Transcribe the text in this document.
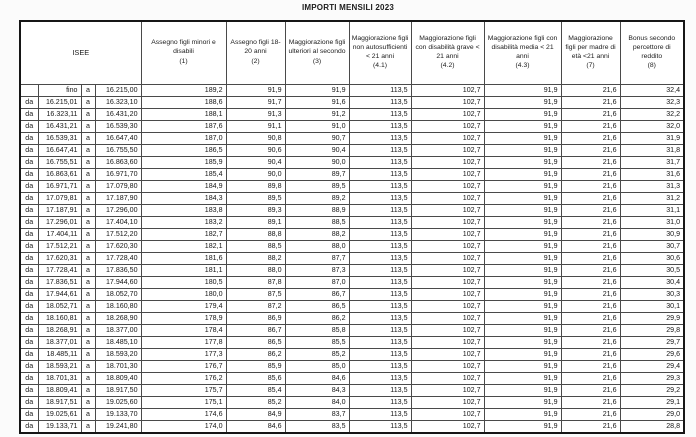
IMPORTI MENSILI 2023
ISEE

Assegno figli minori e disabili
(1)

Assegno figli 18-20 anni
(2)

Maggiorazione figli ulteriori al secondo
(3)

Maggiorazione figli non autosufficienti < 21 anni
(4.1)

Maggiorazione figli con disabilità grave < 21 anni
(4.2)

Maggiorazione figli con disabilità media < 21 anni
(4.3)

Maggiorazione figli per madre di età <21 anni
(7)

Bonus secondo percettore di reddito
(8)

	fino	a	16.215,00	189,2	91,9	91,9	113,5	102,7	91,9	21,6	32,4
da	16.215,01	a	16.323,10	188,6	91,7	91,6	113,5	102,7	91,9	21,6	32,3
da	16.323,11	a	16.431,20	188,1	91,3	91,2	113,5	102,7	91,9	21,6	32,2
da	16.431,21	a	16.539,30	187,6	91,1	91,0	113,5	102,7	91,9	21,6	32,0
da	16.539,31	a	16.647,40	187,0	90,8	90,7	113,5	102,7	91,9	21,6	31,9
da	16.647,41	a	16.755,50	186,5	90,6	90,4	113,5	102,7	91,9	21,6	31,8
da	16.755,51	a	16.863,60	185,9	90,4	90,0	113,5	102,7	91,9	21,6	31,7
da	16.863,61	a	16.971,70	185,4	90,0	89,7	113,5	102,7	91,9	21,6	31,6
da	16.971,71	a	17.079,80	184,9	89,8	89,5	113,5	102,7	91,9	21,6	31,3
da	17.079,81	a	17.187,90	184,3	89,5	89,2	113,5	102,7	91,9	21,6	31,2
da	17.187,91	a	17.296,00	183,8	89,3	88,9	113,5	102,7	91,9	21,6	31,1
da	17.296,01	a	17.404,10	183,2	89,1	88,5	113,5	102,7	91,9	21,6	31,0
da	17.404,11	a	17.512,20	182,7	88,8	88,2	113,5	102,7	91,9	21,6	30,9
da	17.512,21	a	17.620,30	182,1	88,5	88,0	113,5	102,7	91,9	21,6	30,7
da	17.620,31	a	17.728,40	181,6	88,2	87,7	113,5	102,7	91,9	21,6	30,6
da	17.728,41	a	17.836,50	181,1	88,0	87,3	113,5	102,7	91,9	21,6	30,5
da	17.836,51	a	17.944,60	180,5	87,8	87,0	113,5	102,7	91,9	21,6	30,4
da	17.944,61	a	18.052,70	180,0	87,5	86,7	113,5	102,7	91,9	21,6	30,3
da	18.052,71	a	18.160,80	179,4	87,2	86,5	113,5	102,7	91,9	21,6	30,1
da	18.160,81	a	18.268,90	178,9	86,9	86,2	113,5	102,7	91,9	21,6	29,9
da	18.268,91	a	18.377,00	178,4	86,7	85,8	113,5	102,7	91,9	21,6	29,8
da	18.377,01	a	18.485,10	177,8	86,5	85,5	113,5	102,7	91,9	21,6	29,7
da	18.485,11	a	18.593,20	177,3	86,2	85,2	113,5	102,7	91,9	21,6	29,6
da	18.593,21	a	18.701,30	176,7	85,9	85,0	113,5	102,7	91,9	21,6	29,4
da	18.701,31	a	18.809,40	176,2	85,6	84,6	113,5	102,7	91,9	21,6	29,3
da	18.809,41	a	18.917,50	175,7	85,4	84,3	113,5	102,7	91,9	21,6	29,2
da	18.917,51	a	19.025,60	175,1	85,2	84,0	113,5	102,7	91,9	21,6	29,1
da	19.025,61	a	19.133,70	174,6	84,9	83,7	113,5	102,7	91,9	21,6	29,0
da	19.133,71	a	19.241,80	174,0	84,6	83,5	113,5	102,7	91,9	21,6	28,8
